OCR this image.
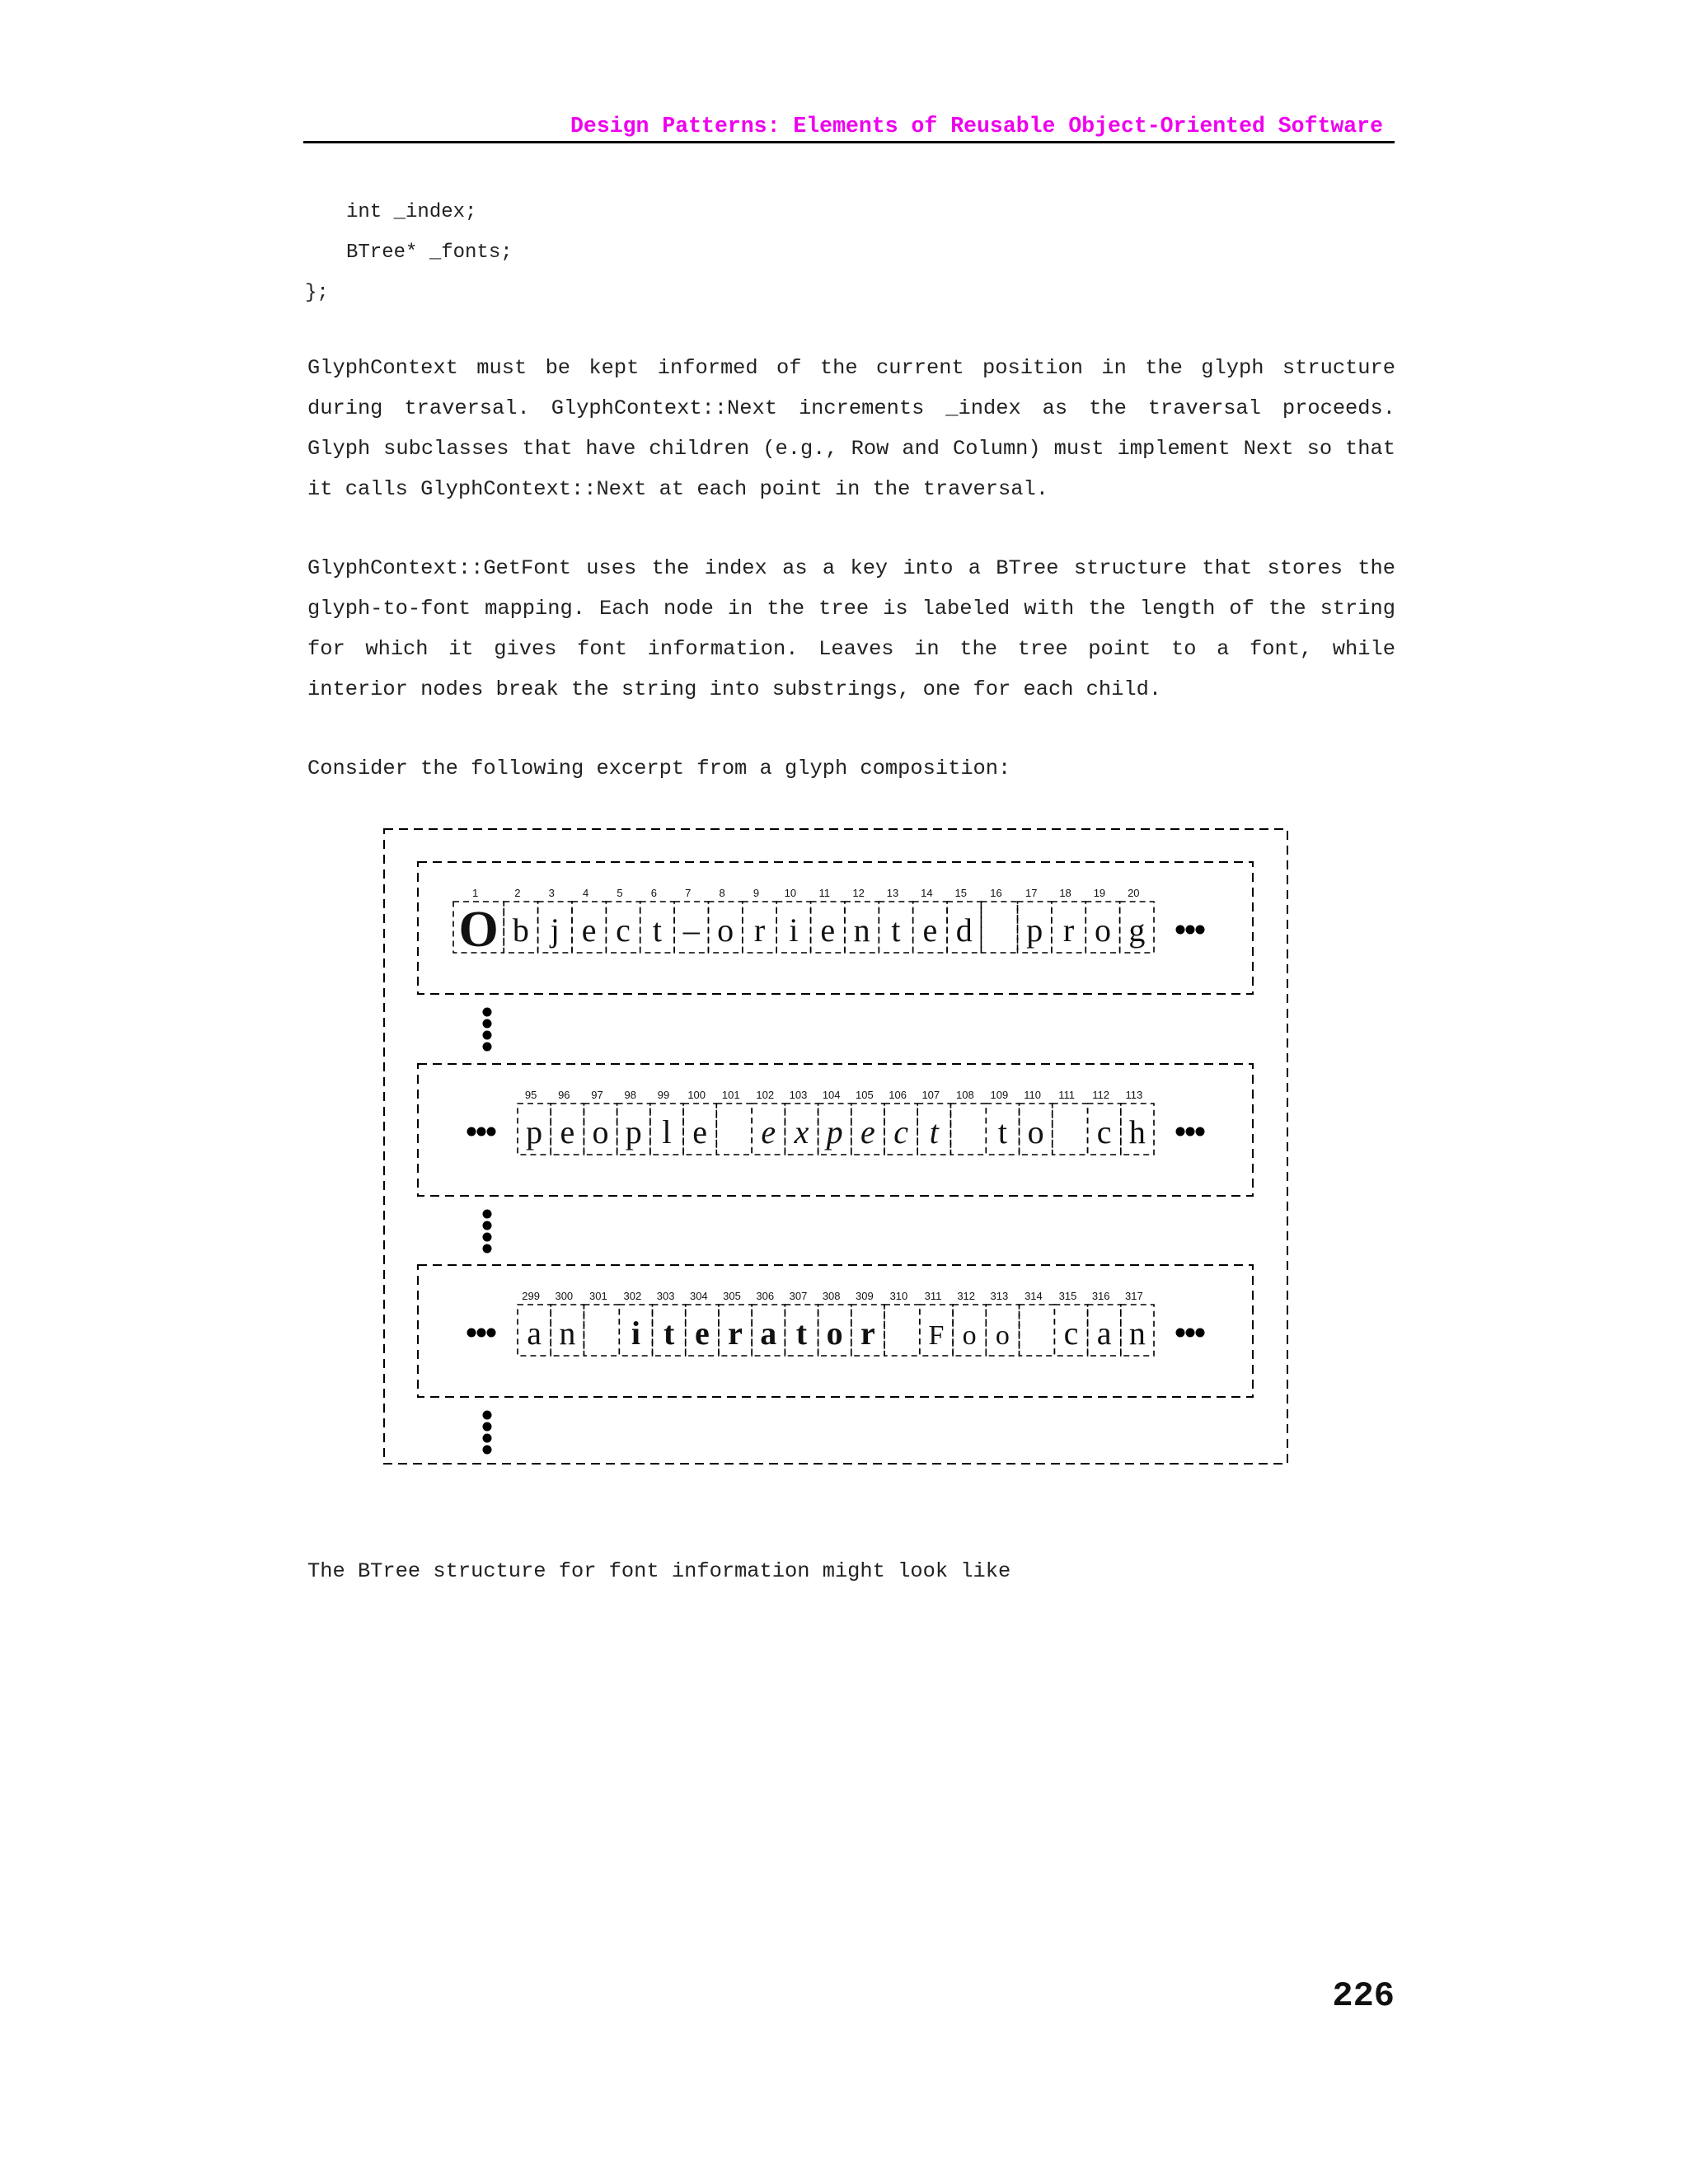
Design Patterns: Elements of Reusable Object-Oriented Software
int _index;
BTree* _fonts;
};

GlyphContext must be kept informed of the current position in the glyph structure during traversal. GlyphContext::Next increments _index as the traversal proceeds. Glyph subclasses that have children (e.g., Row and Column) must implement Next so that it calls GlyphContext::Next at each point in the traversal.

GlyphContext::GetFont uses the index as a key into a BTree structure that stores the glyph-to-font mapping. Each node in the tree is labeled with the length of the string for which it gives font information. Leaves in the tree point to a font, while interior nodes break the string into substrings, one for each child.

Consider the following excerpt from a glyph composition:

1
O
2
b
3
j
4
e
5
c
6
t
7
–
8
o
9
r
10
i
11
e
12
n
13
t
14
e
15
d
16 17
p
18
r
19
o
20
g
95
p
96
e
97
o
98
p
99
l
100
e
101 102
e
103
x
104
p
105
e
106
c
107
t
108 109
t
110
o
111 112
c
113
h
299
a
300
n
301 302
i
303
t
304
e
305
r
306
a
307
t
308
o
309
r
310 311
F
312
o
313
o
314 315
c
316
a
317
n

The BTree structure for font information might look like

226
